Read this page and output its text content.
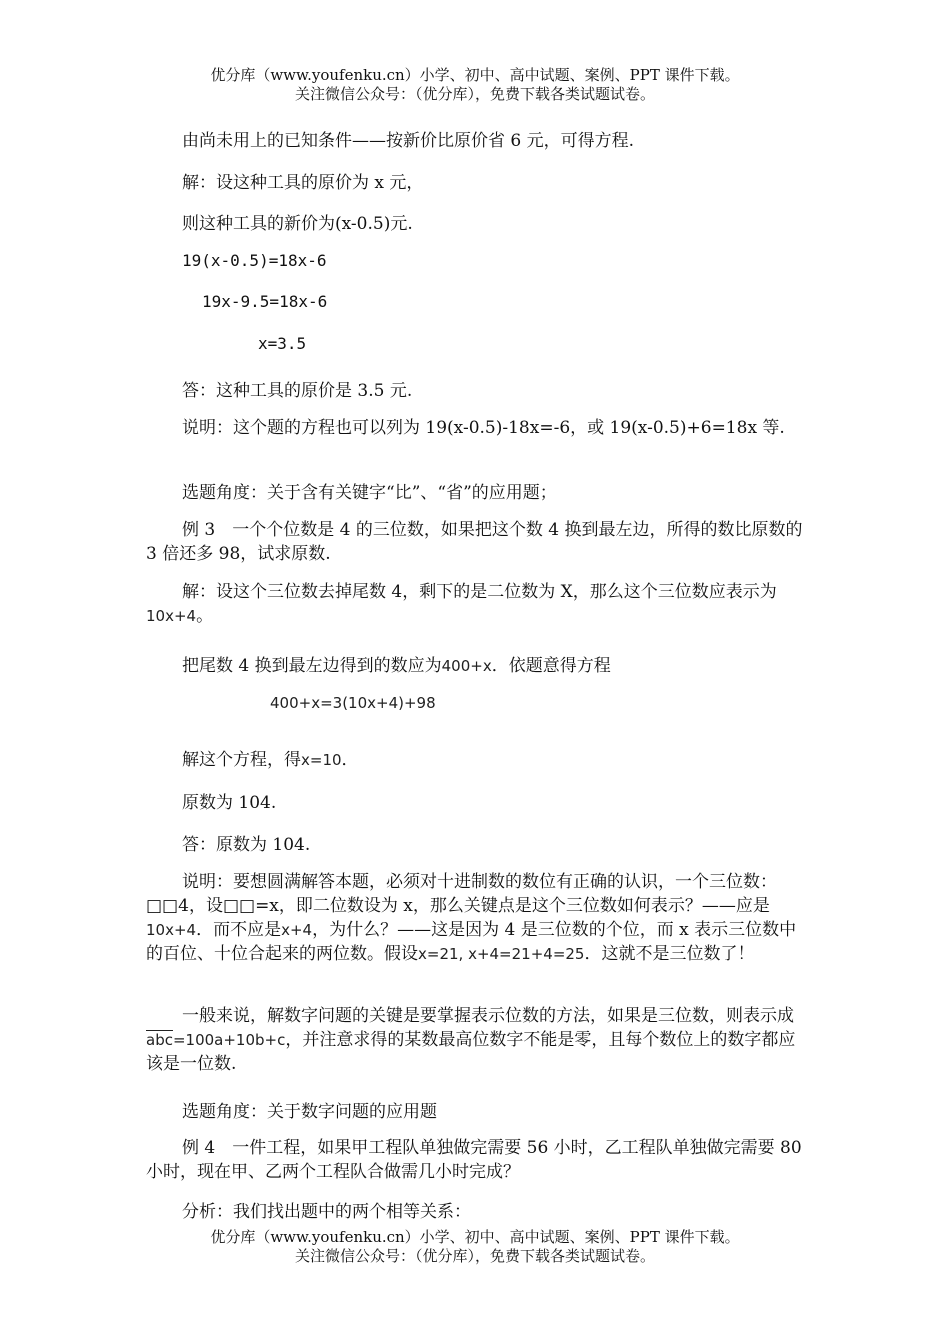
优分库（www.youfenku.cn）小学、初中、高中试题、案例、PPT 课件下载。
关注微信公众号：（优分库），免费下载各类试题试卷。
由尚未用上的已知条件——按新价比原价省 6 元，可得方程.
解：设这种工具的原价为 x 元，
则这种工具的新价为(x-0.5)元.
19(x-0.5)=18x-6
19x-9.5=18x-6
x=3.5
答：这种工具的原价是 3.5 元.
说明：这个题的方程也可以列为 19(x-0.5)-18x=-6，或 19(x-0.5)+6=18x 等.
选题角度：关于含有关键字“比”、“省”的应用题；
例 3　一个个位数是 4 的三位数，如果把这个数 4 换到最左边，所得的数比原数的 3 倍还多 98，试求原数.
解：设这个三位数去掉尾数 4，剩下的是二位数为 X，那么这个三位数应表示为10x+4。
把尾数 4 换到最左边得到的数应为400+x．依题意得方程
400+x=3(10x+4)+98
解这个方程，得x=10．
原数为 104.
答：原数为 104.
说明：要想圆满解答本题，必须对十进制数的数位有正确的认识，一个三位数：□□4，设□□=x，即二位数设为 x，那么关键点是这个三位数如何表示？——应是10x+4．而不应是x+4，为什么？——这是因为 4 是三位数的个位，而 x 表示三位数中的百位、十位合起来的两位数。假设x=21, x+4=21+4=25．这就不是三位数了！
一般来说，解数字问题的关键是要掌握表示位数的方法，如果是三位数，则表示成$\overline{abc}=100a+10b+c$，并注意求得的某数最高位数字不能是零，且每个数位上的数字都应该是一位数.
选题角度：关于数字问题的应用题
例 4　一件工程，如果甲工程队单独做完需要 56 小时，乙工程队单独做完需要 80 小时，现在甲、乙两个工程队合做需几小时完成？
分析：我们找出题中的两个相等关系：
优分库（www.youfenku.cn）小学、初中、高中试题、案例、PPT 课件下载。
关注微信公众号：（优分库），免费下载各类试题试卷。
